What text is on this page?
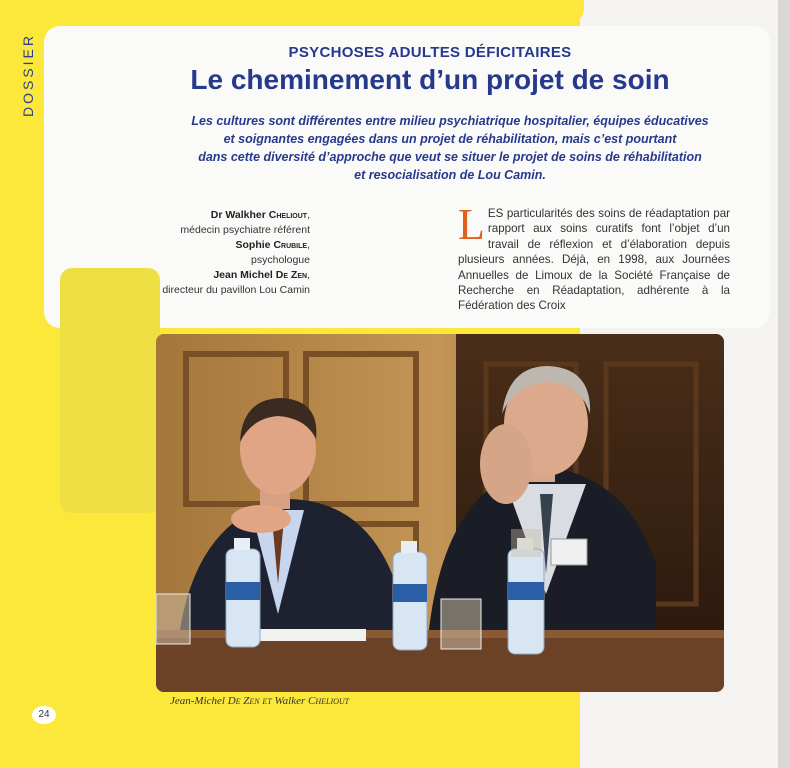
DOSSIER	PSYCHOSES ADULTES DÉFICITAIRES
Le cheminement d’un projet de soin
Les cultures sont différentes entre milieu psychiatrique hospitalier, équipes éducatives
et soignantes engagées dans un projet de réhabilitation, mais c’est pourtant
dans cette diversité d’approche que veut se situer le projet de soins de réhabilitation
et resocialisation de Lou Camin.
Dr Walkher Cheliout,
médecin psychiatre référent
Sophie Crubile,
psychologue
Jean Michel De Zen,
directeur du pavillon Lou Camin
L ES particularités des soins de réadaptation par rapport aux soins curatifs font l’objet d’un travail de réflexion et d’élaboration depuis plusieurs années. Déjà, en 1998, aux Journées Annuelles de Limoux de la Société Française de Recherche en Réadaptation, adhérente à la Fédération des Croix
Jean-Michel De Zen et Walker Cheliout
24
